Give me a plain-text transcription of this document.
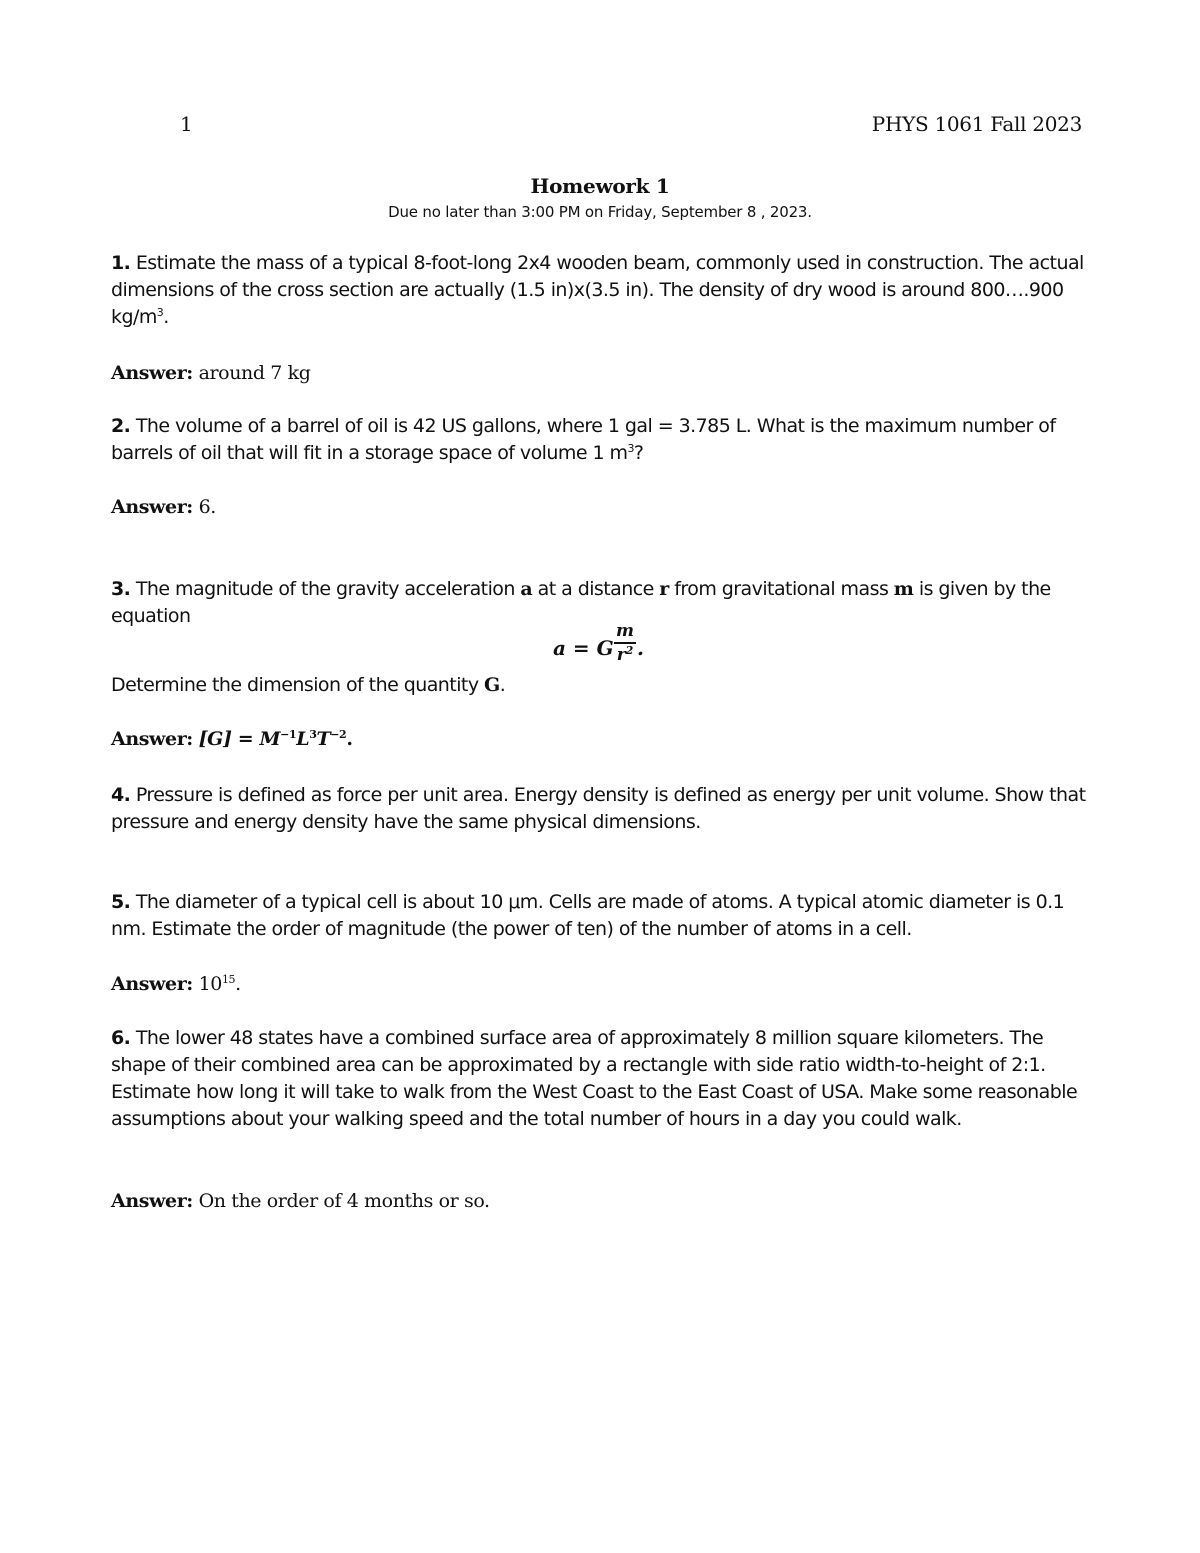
1	PHYS 1061 Fall 2023
Homework 1
Due no later than 3:00 PM on Friday, September 8 , 2023.
1. Estimate the mass of a typical 8-foot-long 2x4 wooden beam, commonly used in construction. The actual dimensions of the cross section are actually (1.5 in)x(3.5 in). The density of dry wood is around 800….900 $kg/m^3$.
Answer: around 7 kg
2. The volume of a barrel of oil is 42 US gallons, where 1 gal = 3.785 L. What is the maximum number of barrels of oil that will fit in a storage space of volume 1 $m^3$?
Answer: 6.
3. The magnitude of the gravity acceleration a at a distance r from gravitational mass m is given by the equation
a = G
m
$r^2$ .
Determine the dimension of the quantity G.
Answer: $[G] = M^{-1}L^3T^{-2}$.
4. Pressure is defined as force per unit area. Energy density is defined as energy per unit volume. Show that pressure and energy density have the same physical dimensions.
5. The diameter of a typical cell is about 10 μm. Cells are made of atoms. A typical atomic diameter is 0.1 nm. Estimate the order of magnitude (the power of ten) of the number of atoms in a cell.
Answer: $10^{15}$.
6. The lower 48 states have a combined surface area of approximately 8 million square kilometers. The shape of their combined area can be approximated by a rectangle with side ratio width-to-height of 2:1. Estimate how long it will take to walk from the West Coast to the East Coast of USA. Make some reasonable assumptions about your walking speed and the total number of hours in a day you could walk.
Answer: On the order of 4 months or so.
